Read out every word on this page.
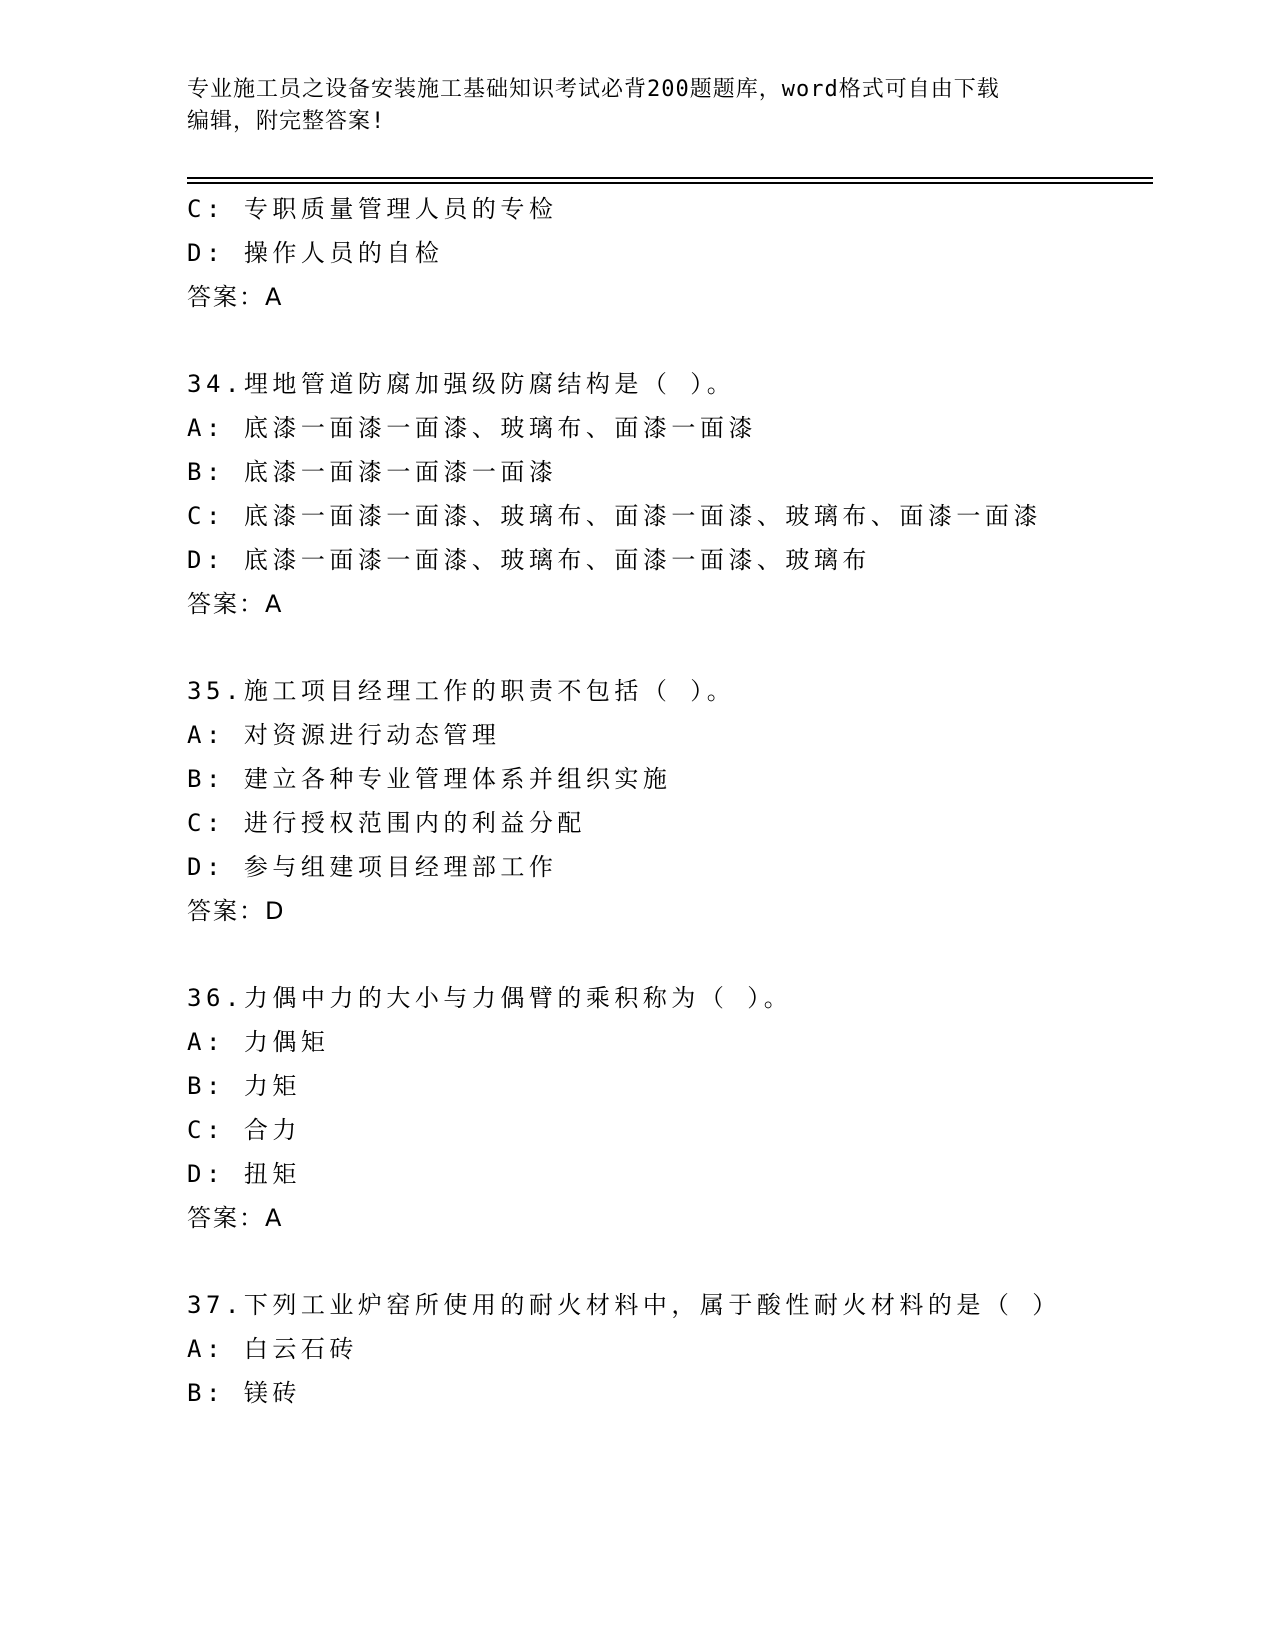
专业施工员之设备安装施工基础知识考试必背200题题库，word格式可自由下载
编辑，附完整答案!
C: 专职质量管理人员的专检
D: 操作人员的自检
答案：A
34.埋地管道防腐加强级防腐结构是（ ）。
A: 底漆一面漆一面漆、玻璃布、面漆一面漆
B: 底漆一面漆一面漆一面漆
C: 底漆一面漆一面漆、玻璃布、面漆一面漆、玻璃布、面漆一面漆
D: 底漆一面漆一面漆、玻璃布、面漆一面漆、玻璃布
答案：A
35.施工项目经理工作的职责不包括（ ）。
A: 对资源进行动态管理
B: 建立各种专业管理体系并组织实施
C: 进行授权范围内的利益分配
D: 参与组建项目经理部工作
答案：D
36.力偶中力的大小与力偶臂的乘积称为（ ）。
A: 力偶矩
B: 力矩
C: 合力
D: 扭矩
答案：A
37.下列工业炉窑所使用的耐火材料中，属于酸性耐火材料的是（ ）
A: 白云石砖
B: 镁砖
